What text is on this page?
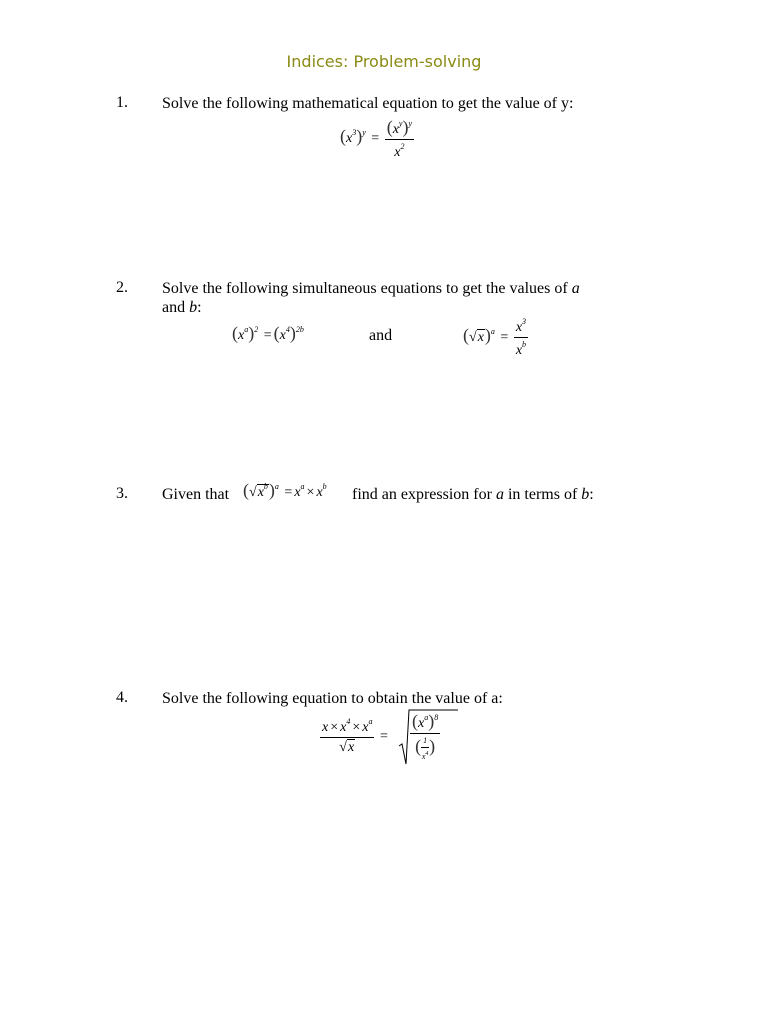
Indices: Problem-solving
1. Solve the following mathematical equation to get the value of y:
$(x^3)^y = \frac{(x^y)^y}{x^2}$
2. Solve the following simultaneous equations to get the values of a
and b:
$(x^a)^2 = (x^4)^{2b}$	and	$(√x)^a = \frac{x^3}{x^b}$
3. Given that $(√x^b)^a = x^a \times x^b$ find an expression for a in terms of b:
4. Solve the following equation to obtain the value of a:
$\frac{x \times x^4 \times x^a}{√x} = \frac{(x^a)^8}{( \frac{1}{x^4} )}$
